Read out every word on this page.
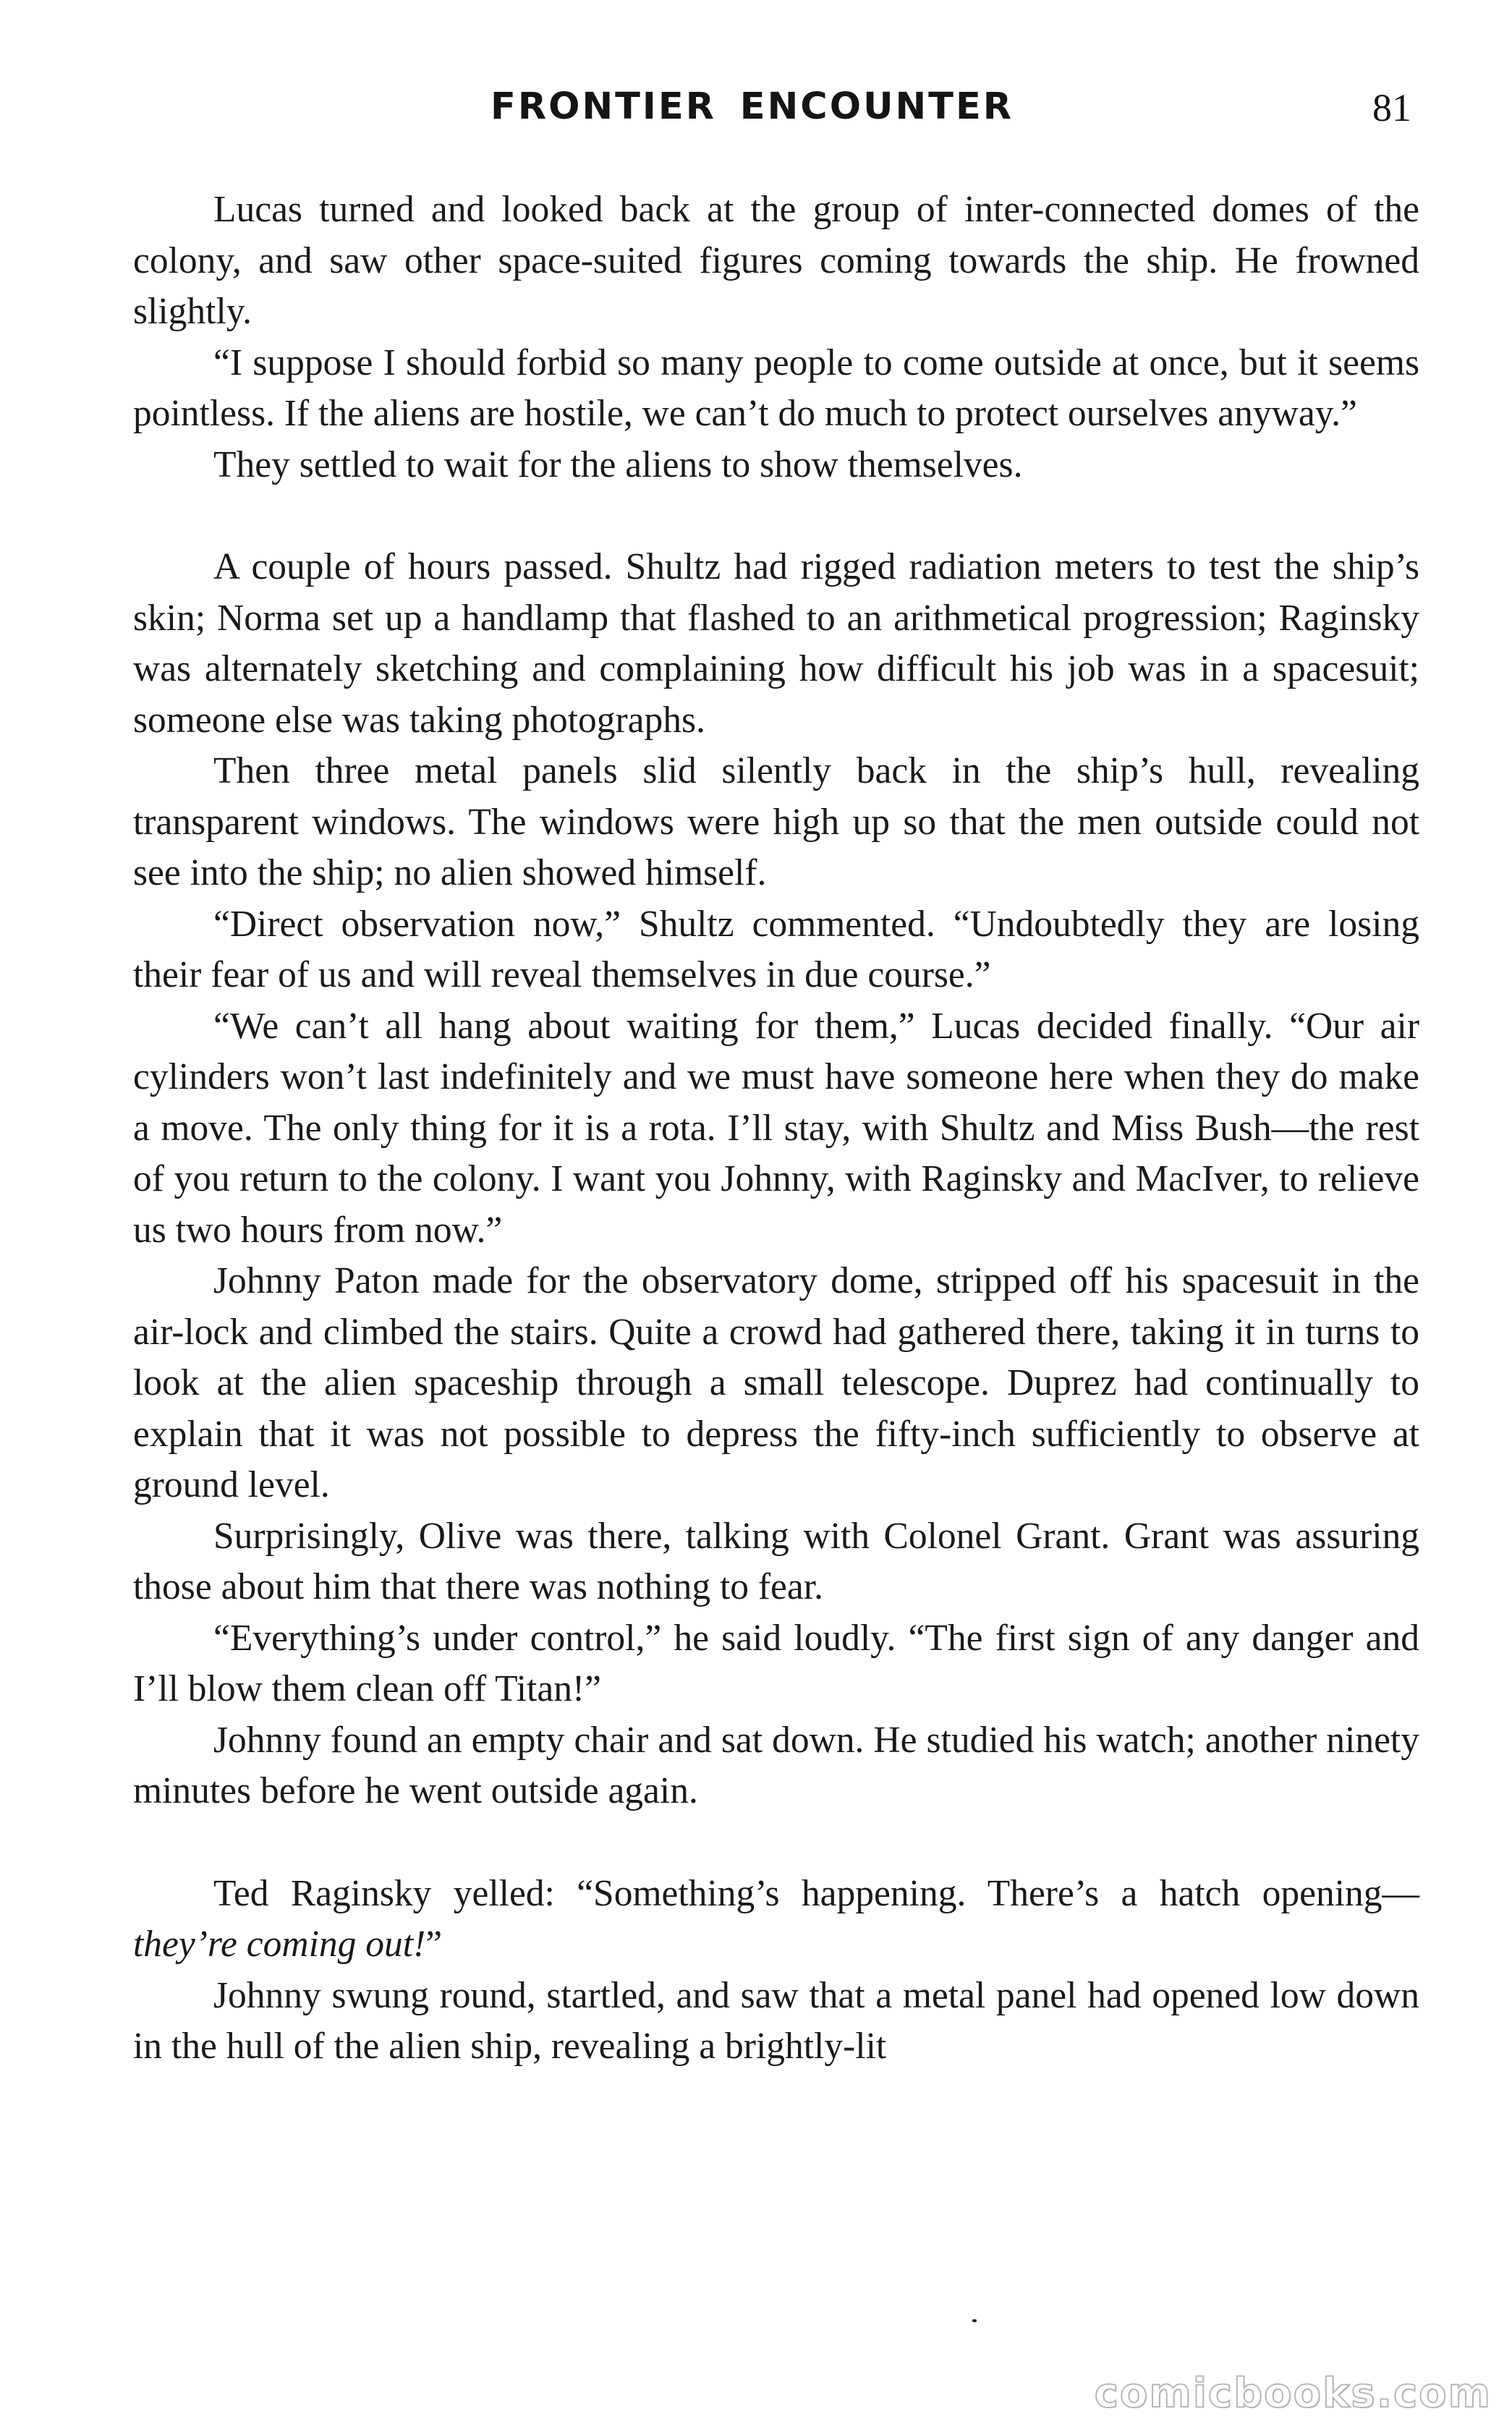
FRONTIER ENCOUNTER	81

Lucas turned and looked back at the group of inter-connected domes of the colony, and saw other space-suited figures coming towards the ship. He frowned slightly.

“I suppose I should forbid so many people to come outside at once, but it seems pointless. If the aliens are hostile, we can’t do much to protect ourselves anyway.”

They settled to wait for the aliens to show themselves.

A couple of hours passed. Shultz had rigged radiation meters to test the ship’s skin; Norma set up a handlamp that flashed to an arithmetical progression; Raginsky was alternately sketching and complaining how difficult his job was in a spacesuit; someone else was taking photographs.

Then three metal panels slid silently back in the ship’s hull, revealing transparent windows. The windows were high up so that the men outside could not see into the ship; no alien showed himself.

“Direct observation now,” Shultz commented. “Undoubtedly they are losing their fear of us and will reveal themselves in due course.”

“We can’t all hang about waiting for them,” Lucas decided finally. “Our air cylinders won’t last indefinitely and we must have someone here when they do make a move. The only thing for it is a rota. I’ll stay, with Shultz and Miss Bush—the rest of you return to the colony. I want you Johnny, with Raginsky and MacIver, to relieve us two hours from now.”

Johnny Paton made for the observatory dome, stripped off his spacesuit in the air-lock and climbed the stairs. Quite a crowd had gathered there, taking it in turns to look at the alien spaceship through a small telescope. Duprez had continually to explain that it was not possible to depress the fifty-inch sufficiently to observe at ground level.

Surprisingly, Olive was there, talking with Colonel Grant. Grant was assuring those about him that there was nothing to fear.

“Everything’s under control,” he said loudly. “The first sign of any danger and I’ll blow them clean off Titan!”

Johnny found an empty chair and sat down. He studied his watch; another ninety minutes before he went outside again.

Ted Raginsky yelled: “Something’s happening. There’s a hatch opening—they’re coming out!”

Johnny swung round, startled, and saw that a metal panel had opened low down in the hull of the alien ship, revealing a brightly-lit

comicbooks.com
